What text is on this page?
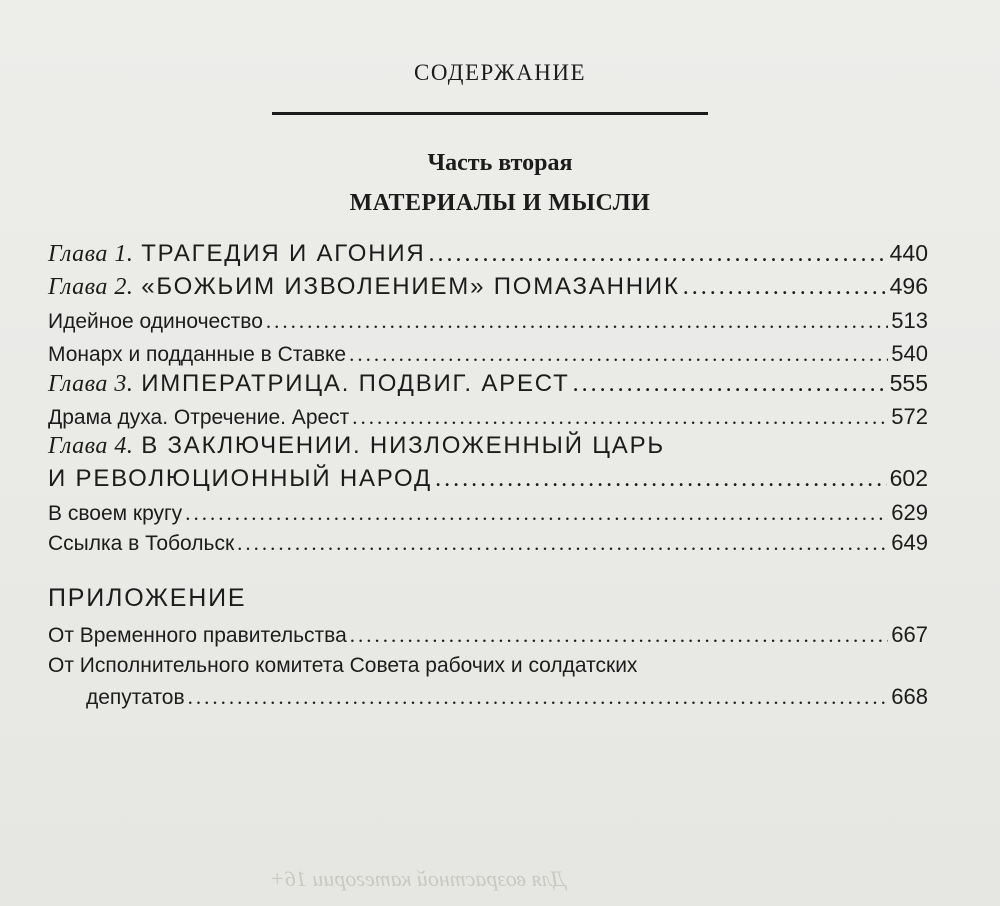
СОДЕРЖАНИЕ
Часть вторая
МАТЕРИАЛЫ И МЫСЛИ
Глава 1. ТРАГЕДИЯ И АГОНИЯ .....	440
Глава 2. «БОЖЬИМ ИЗВОЛЕНИЕМ» ПОМАЗАННИК .....	496
Идейное одиночество .....	513
Монарх и подданные в Ставке .....	540
Глава 3. ИМПЕРАТРИЦА. ПОДВИГ. АРЕСТ .....	555
Драма духа. Отречение. Арест .....	572
Глава 4. В ЗАКЛЮЧЕНИИ. НИЗЛОЖЕННЫЙ ЦАРЬ
И РЕВОЛЮЦИОННЫЙ НАРОД .....	602
В своем кругу .....	629
Ссылка в Тобольск .....	649
ПРИЛОЖЕНИЕ
От Временного правительства .....	667
От Исполнительного комитета Совета рабочих и солдатских
депутатов .....	668
Для возрастной категории 16+
